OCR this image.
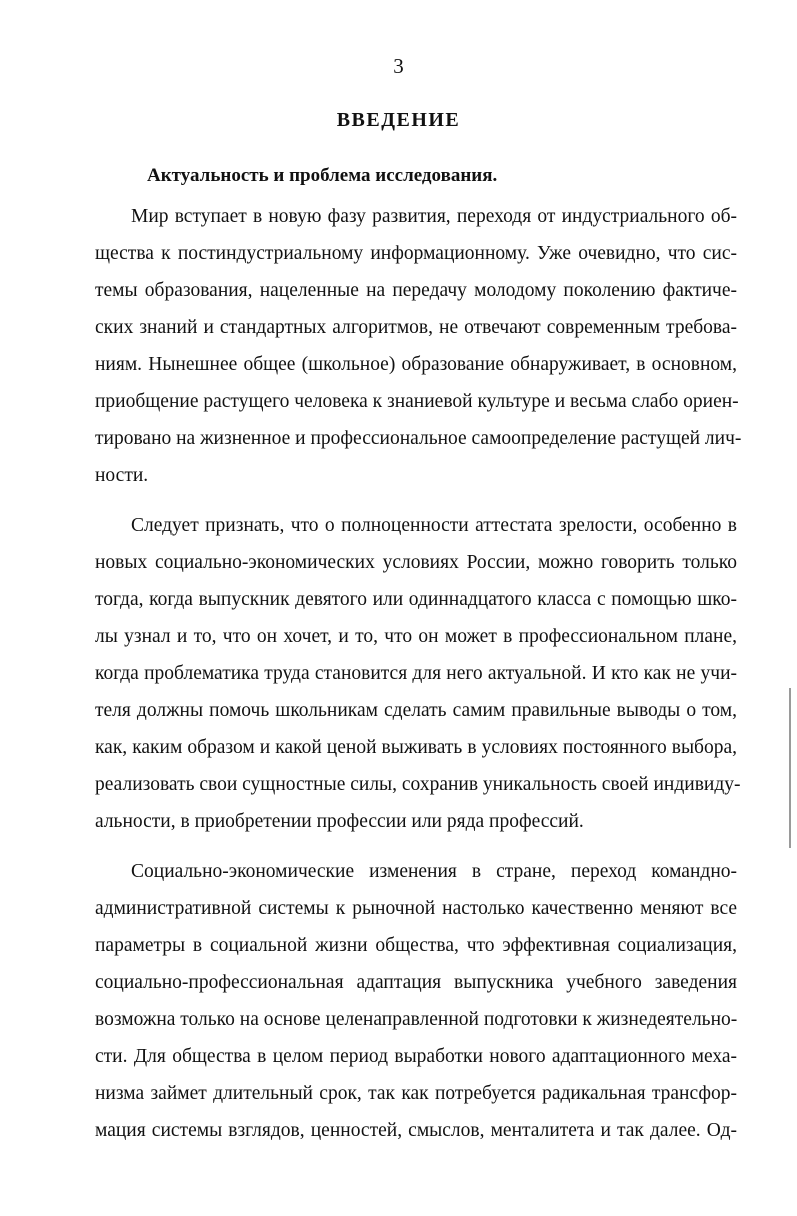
3
ВВЕДЕНИЕ
Актуальность и проблема исследования.
Мир вступает в новую фазу развития, переходя от индустриального об-
щества к постиндустриальному информационному. Уже очевидно, что сис-
темы образования, нацеленные на передачу молодому поколению фактиче-
ских знаний и стандартных алгоритмов, не отвечают современным требова-
ниям. Нынешнее общее (школьное) образование обнаруживает, в основном,
приобщение растущего человека к знаниевой культуре и весьма слабо ориен-
тировано на жизненное и профессиональное самоопределение растущей лич-
ности.
Следует признать, что о полноценности аттестата зрелости, особенно в
новых социально-экономических условиях России, можно говорить только
тогда, когда выпускник девятого или одиннадцатого класса с помощью шко-
лы узнал и то, что он хочет, и то, что он может в профессиональном плане,
когда проблематика труда становится для него актуальной. И кто как не учи-
теля должны помочь школьникам сделать самим правильные выводы о том,
как, каким образом и какой ценой выживать в условиях постоянного выбора,
реализовать свои сущностные силы, сохранив уникальность своей индивиду-
альности, в приобретении профессии или ряда профессий.
Социально-экономические изменения в стране, переход командно-
административной системы к рыночной настолько качественно меняют все
параметры в социальной жизни общества, что эффективная социализация,
социально-профессиональная адаптация выпускника учебного заведения
возможна только на основе целенаправленной подготовки к жизнедеятельно-
сти. Для общества в целом период выработки нового адаптационного меха-
низма займет длительный срок, так как потребуется радикальная трансфор-
мация системы взглядов, ценностей, смыслов, менталитета и так далее. Од-
